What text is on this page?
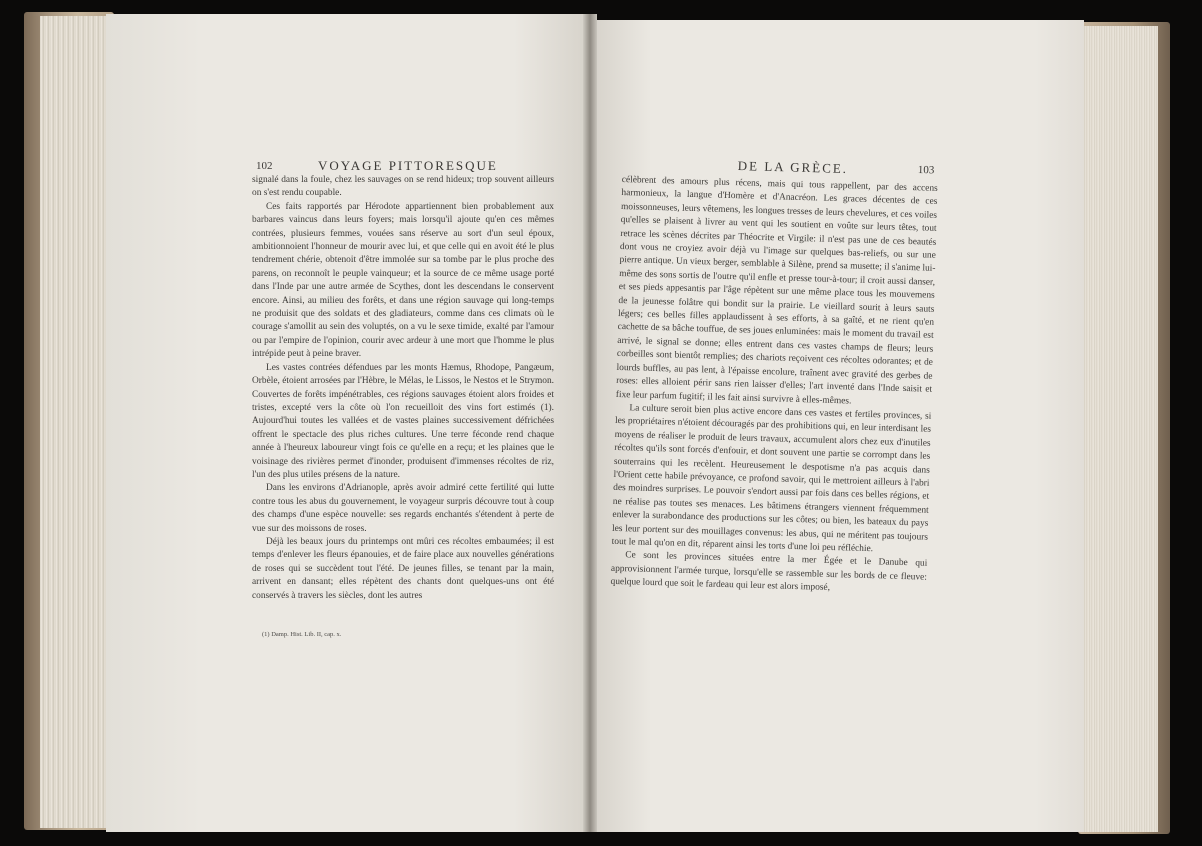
102	VOYAGE PITTORESQUE

signalé dans la foule, chez les sauvages on se rend hideux; trop souvent ailleurs on s'est rendu coupable.

Ces faits rapportés par Hérodote appartiennent bien probablement aux barbares vaincus dans leurs foyers; mais lorsqu'il ajoute qu'en ces mêmes contrées, plusieurs femmes, vouées sans réserve au sort d'un seul époux, ambitionnoient l'honneur de mourir avec lui, et que celle qui en avoit été le plus tendrement chérie, obtenoit d'être immolée sur sa tombe par le plus proche des parens, on reconnoît le peuple vainqueur; et la source de ce même usage porté dans l'Inde par une autre armée de Scythes, dont les descendans le conservent encore. Ainsi, au milieu des forêts, et dans une région sauvage qui long-temps ne produisit que des soldats et des gladiateurs, comme dans ces climats où le courage s'amollit au sein des voluptés, on a vu le sexe timide, exalté par l'amour ou par l'empire de l'opinion, courir avec ardeur à une mort que l'homme le plus intrépide peut à peine braver.

Les vastes contrées défendues par les monts Hæmus, Rhodope, Pangæum, Orbèle, étoient arrosées par l'Hèbre, le Mélas, le Lissos, le Nestos et le Strymon. Couvertes de forêts impénétrables, ces régions sauvages étoient alors froides et tristes, excepté vers la côte où l'on recueilloit des vins fort estimés (1). Aujourd'hui toutes les vallées et de vastes plaines successivement défrichées offrent le spectacle des plus riches cultures. Une terre féconde rend chaque année à l'heureux laboureur vingt fois ce qu'elle en a reçu; et les plaines que le voisinage des rivières permet d'inonder, produisent d'immenses récoltes de riz, l'un des plus utiles présens de la nature.

Dans les environs d'Adrianople, après avoir admiré cette fertilité qui lutte contre tous les abus du gouvernement, le voyageur surpris découvre tout à coup des champs d'une espèce nouvelle: ses regards enchantés s'étendent à perte de vue sur des moissons de roses.

Déjà les beaux jours du printemps ont mûri ces récoltes embaumées; il est temps d'enlever les fleurs épanouies, et de faire place aux nouvelles générations de roses qui se succèdent tout l'été. De jeunes filles, se tenant par la main, arrivent en dansant; elles répètent des chants dont quelques-uns ont été conservés à travers les siècles, dont les autres

(1) Damp. Hist. Lib. II, cap. x.
DE LA GRÈCE.	103

célèbrent des amours plus récens, mais qui tous rappellent, par des accens harmonieux, la langue d'Homère et d'Anacréon. Les graces décentes de ces moissonneuses, leurs vêtemens, les longues tresses de leurs chevelures, et ces voiles qu'elles se plaisent à livrer au vent qui les soutient en voûte sur leurs têtes, tout retrace les scènes décrites par Théocrite et Virgile: il n'est pas une de ces beautés dont vous ne croyiez avoir déjà vu l'image sur quelques bas-reliefs, ou sur une pierre antique. Un vieux berger, semblable à Silène, prend sa musette; il s'anime lui-même des sons sortis de l'outre qu'il enfle et presse tour-à-tour; il croit aussi danser, et ses pieds appesantis par l'âge répètent sur une même place tous les mouvemens de la jeunesse folâtre qui bondit sur la prairie. Le vieillard sourit à leurs sauts légers; ces belles filles applaudissent à ses efforts, à sa gaîté, et ne rient qu'en cachette de sa bâche touffue, de ses joues enluminées: mais le moment du travail est arrivé, le signal se donne; elles entrent dans ces vastes champs de fleurs; leurs corbeilles sont bientôt remplies; des chariots reçoivent ces récoltes odorantes; et de lourds buffles, au pas lent, à l'épaisse encolure, traînent avec gravité des gerbes de roses: elles alloient périr sans rien laisser d'elles; l'art inventé dans l'Inde saisit et fixe leur parfum fugitif; il les fait ainsi survivre à elles-mêmes.

La culture seroit bien plus active encore dans ces vastes et fertiles provinces, si les propriétaires n'étoient découragés par des prohibitions qui, en leur interdisant les moyens de réaliser le produit de leurs travaux, accumulent alors chez eux d'inutiles récoltes qu'ils sont forcés d'enfouir, et dont souvent une partie se corrompt dans les souterrains qui les recèlent. Heureusement le despotisme n'a pas acquis dans l'Orient cette habile prévoyance, ce profond savoir, qui le mettroient ailleurs à l'abri des moindres surprises. Le pouvoir s'endort aussi par fois dans ces belles régions, et ne réalise pas toutes ses menaces. Les bâtimens étrangers viennent fréquemment enlever la surabondance des productions sur les côtes; ou bien, les bateaux du pays les leur portent sur des mouillages convenus: les abus, qui ne méritent pas toujours tout le mal qu'on en dit, réparent ainsi les torts d'une loi peu réfléchie.

Ce sont les provinces situées entre la mer Égée et le Danube qui approvisionnent l'armée turque, lorsqu'elle se rassemble sur les bords de ce fleuve: quelque lourd que soit le fardeau qui leur est alors imposé,
